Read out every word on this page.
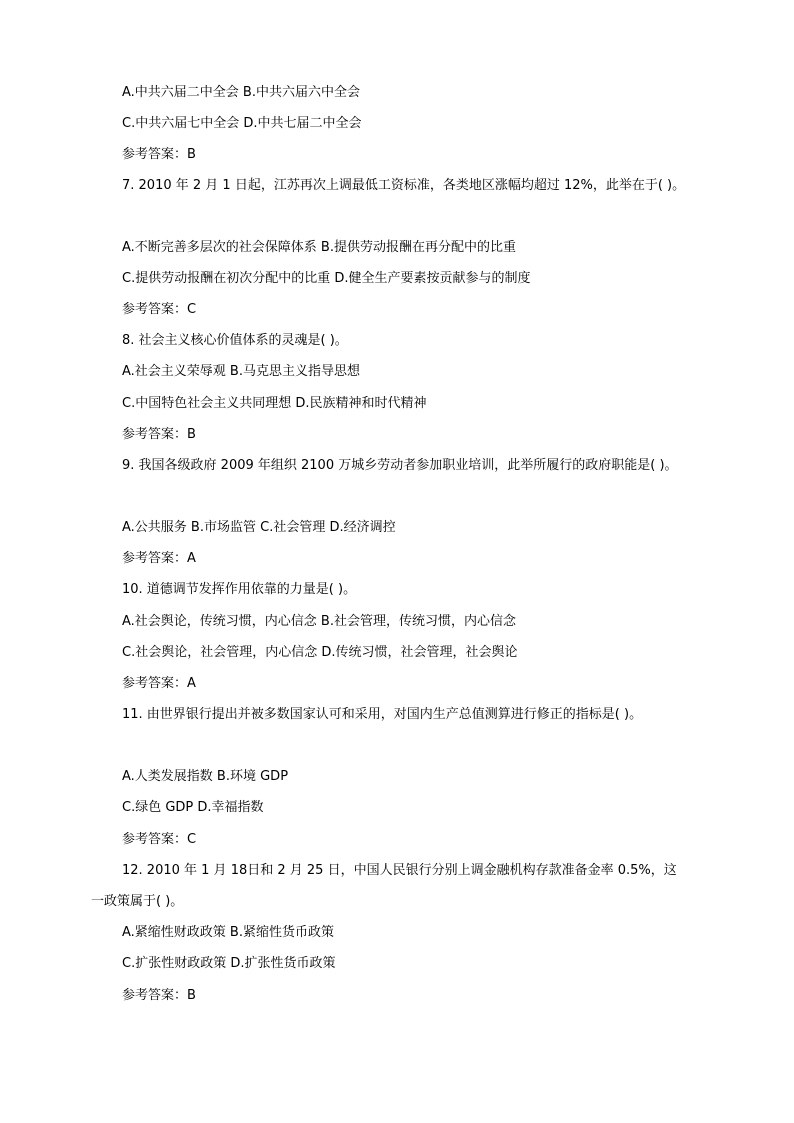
A.中共六届二中全会 B.中共六届六中全会
C.中共六届七中全会 D.中共七届二中全会
参考答案：B
7. 2010 年 2 月 1 日起，江苏再次上调最低工资标准，各类地区涨幅均超过 12%，此举在于( )。
A.不断完善多层次的社会保障体系 B.提供劳动报酬在再分配中的比重
C.提供劳动报酬在初次分配中的比重 D.健全生产要素按贡献参与的制度
参考答案：C
8. 社会主义核心价值体系的灵魂是( )。
A.社会主义荣辱观 B.马克思主义指导思想
C.中国特色社会主义共同理想 D.民族精神和时代精神
参考答案：B
9. 我国各级政府 2009 年组织 2100 万城乡劳动者参加职业培训，此举所履行的政府职能是( )。
A.公共服务 B.市场监管 C.社会管理 D.经济调控
参考答案：A
10. 道德调节发挥作用依靠的力量是( )。
A.社会舆论，传统习惯，内心信念 B.社会管理，传统习惯，内心信念
C.社会舆论，社会管理，内心信念 D.传统习惯，社会管理，社会舆论
参考答案：A
11. 由世界银行提出并被多数国家认可和采用，对国内生产总值测算进行修正的指标是( )。
A.人类发展指数 B.环境 GDP
C.绿色 GDP D.幸福指数
参考答案：C
12. 2010 年 1 月 18日和 2 月 25 日，中国人民银行分别上调金融机构存款准备金率 0.5%，这
一政策属于( )。
A.紧缩性财政政策 B.紧缩性货币政策
C.扩张性财政政策 D.扩张性货币政策
参考答案：B
